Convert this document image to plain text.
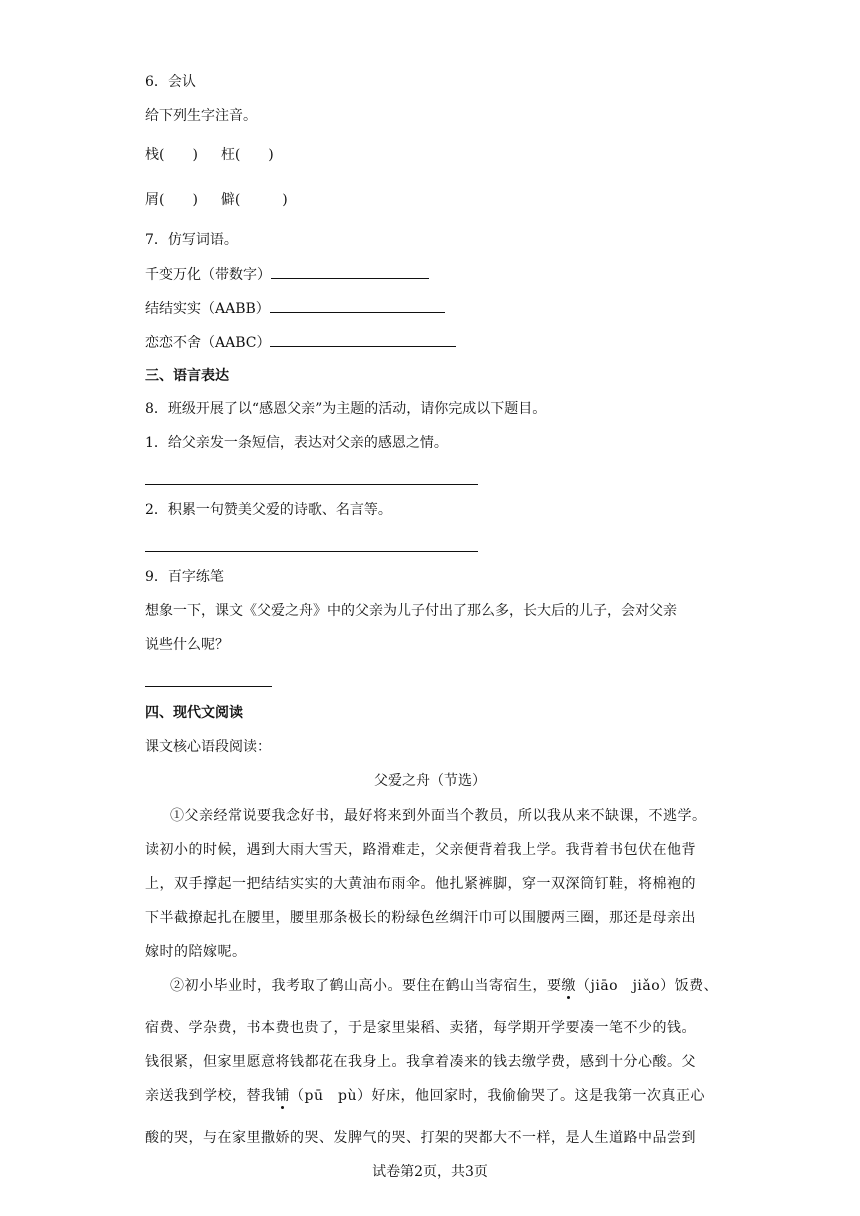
6．会认
给下列生字注音。
栈(　　) 枉(　　)
屑(　　) 僻(　　　)
7．仿写词语。
千变万化（带数字）
结结实实（AABB）
恋恋不舍（AABC）
三、语言表达
8．班级开展了以“感恩父亲”为主题的活动，请你完成以下题目。
1．给父亲发一条短信，表达对父亲的感恩之情。
2．积累一句赞美父爱的诗歌、名言等。
9．百字练笔
想象一下，课文《父爱之舟》中的父亲为儿子付出了那么多，长大后的儿子，会对父亲
说些什么呢？
四、现代文阅读
课文核心语段阅读：
父爱之舟（节选）
①父亲经常说要我念好书，最好将来到外面当个教员，所以我从来不缺课，不逃学。
读初小的时候，遇到大雨大雪天，路滑难走，父亲便背着我上学。我背着书包伏在他背
上，双手撑起一把结结实实的大黄油布雨伞。他扎紧裤脚，穿一双深筒钉鞋，将棉袍的
下半截撩起扎在腰里，腰里那条极长的粉绿色丝绸汗巾可以围腰两三圈，那还是母亲出
嫁时的陪嫁呢。
②初小毕业时，我考取了鹤山高小。要住在鹤山当寄宿生，要缴（jiāo　jiǎo）饭费、
宿费、学杂费，书本费也贵了，于是家里粜稻、卖猪，每学期开学要凑一笔不少的钱。
钱很紧，但家里愿意将钱都花在我身上。我拿着凑来的钱去缴学费，感到十分心酸。父
亲送我到学校，替我铺（pū　pù）好床，他回家时，我偷偷哭了。这是我第一次真正心
酸的哭，与在家里撒娇的哭、发脾气的哭、打架的哭都大不一样，是人生道路中品尝到
试卷第2页，共3页
